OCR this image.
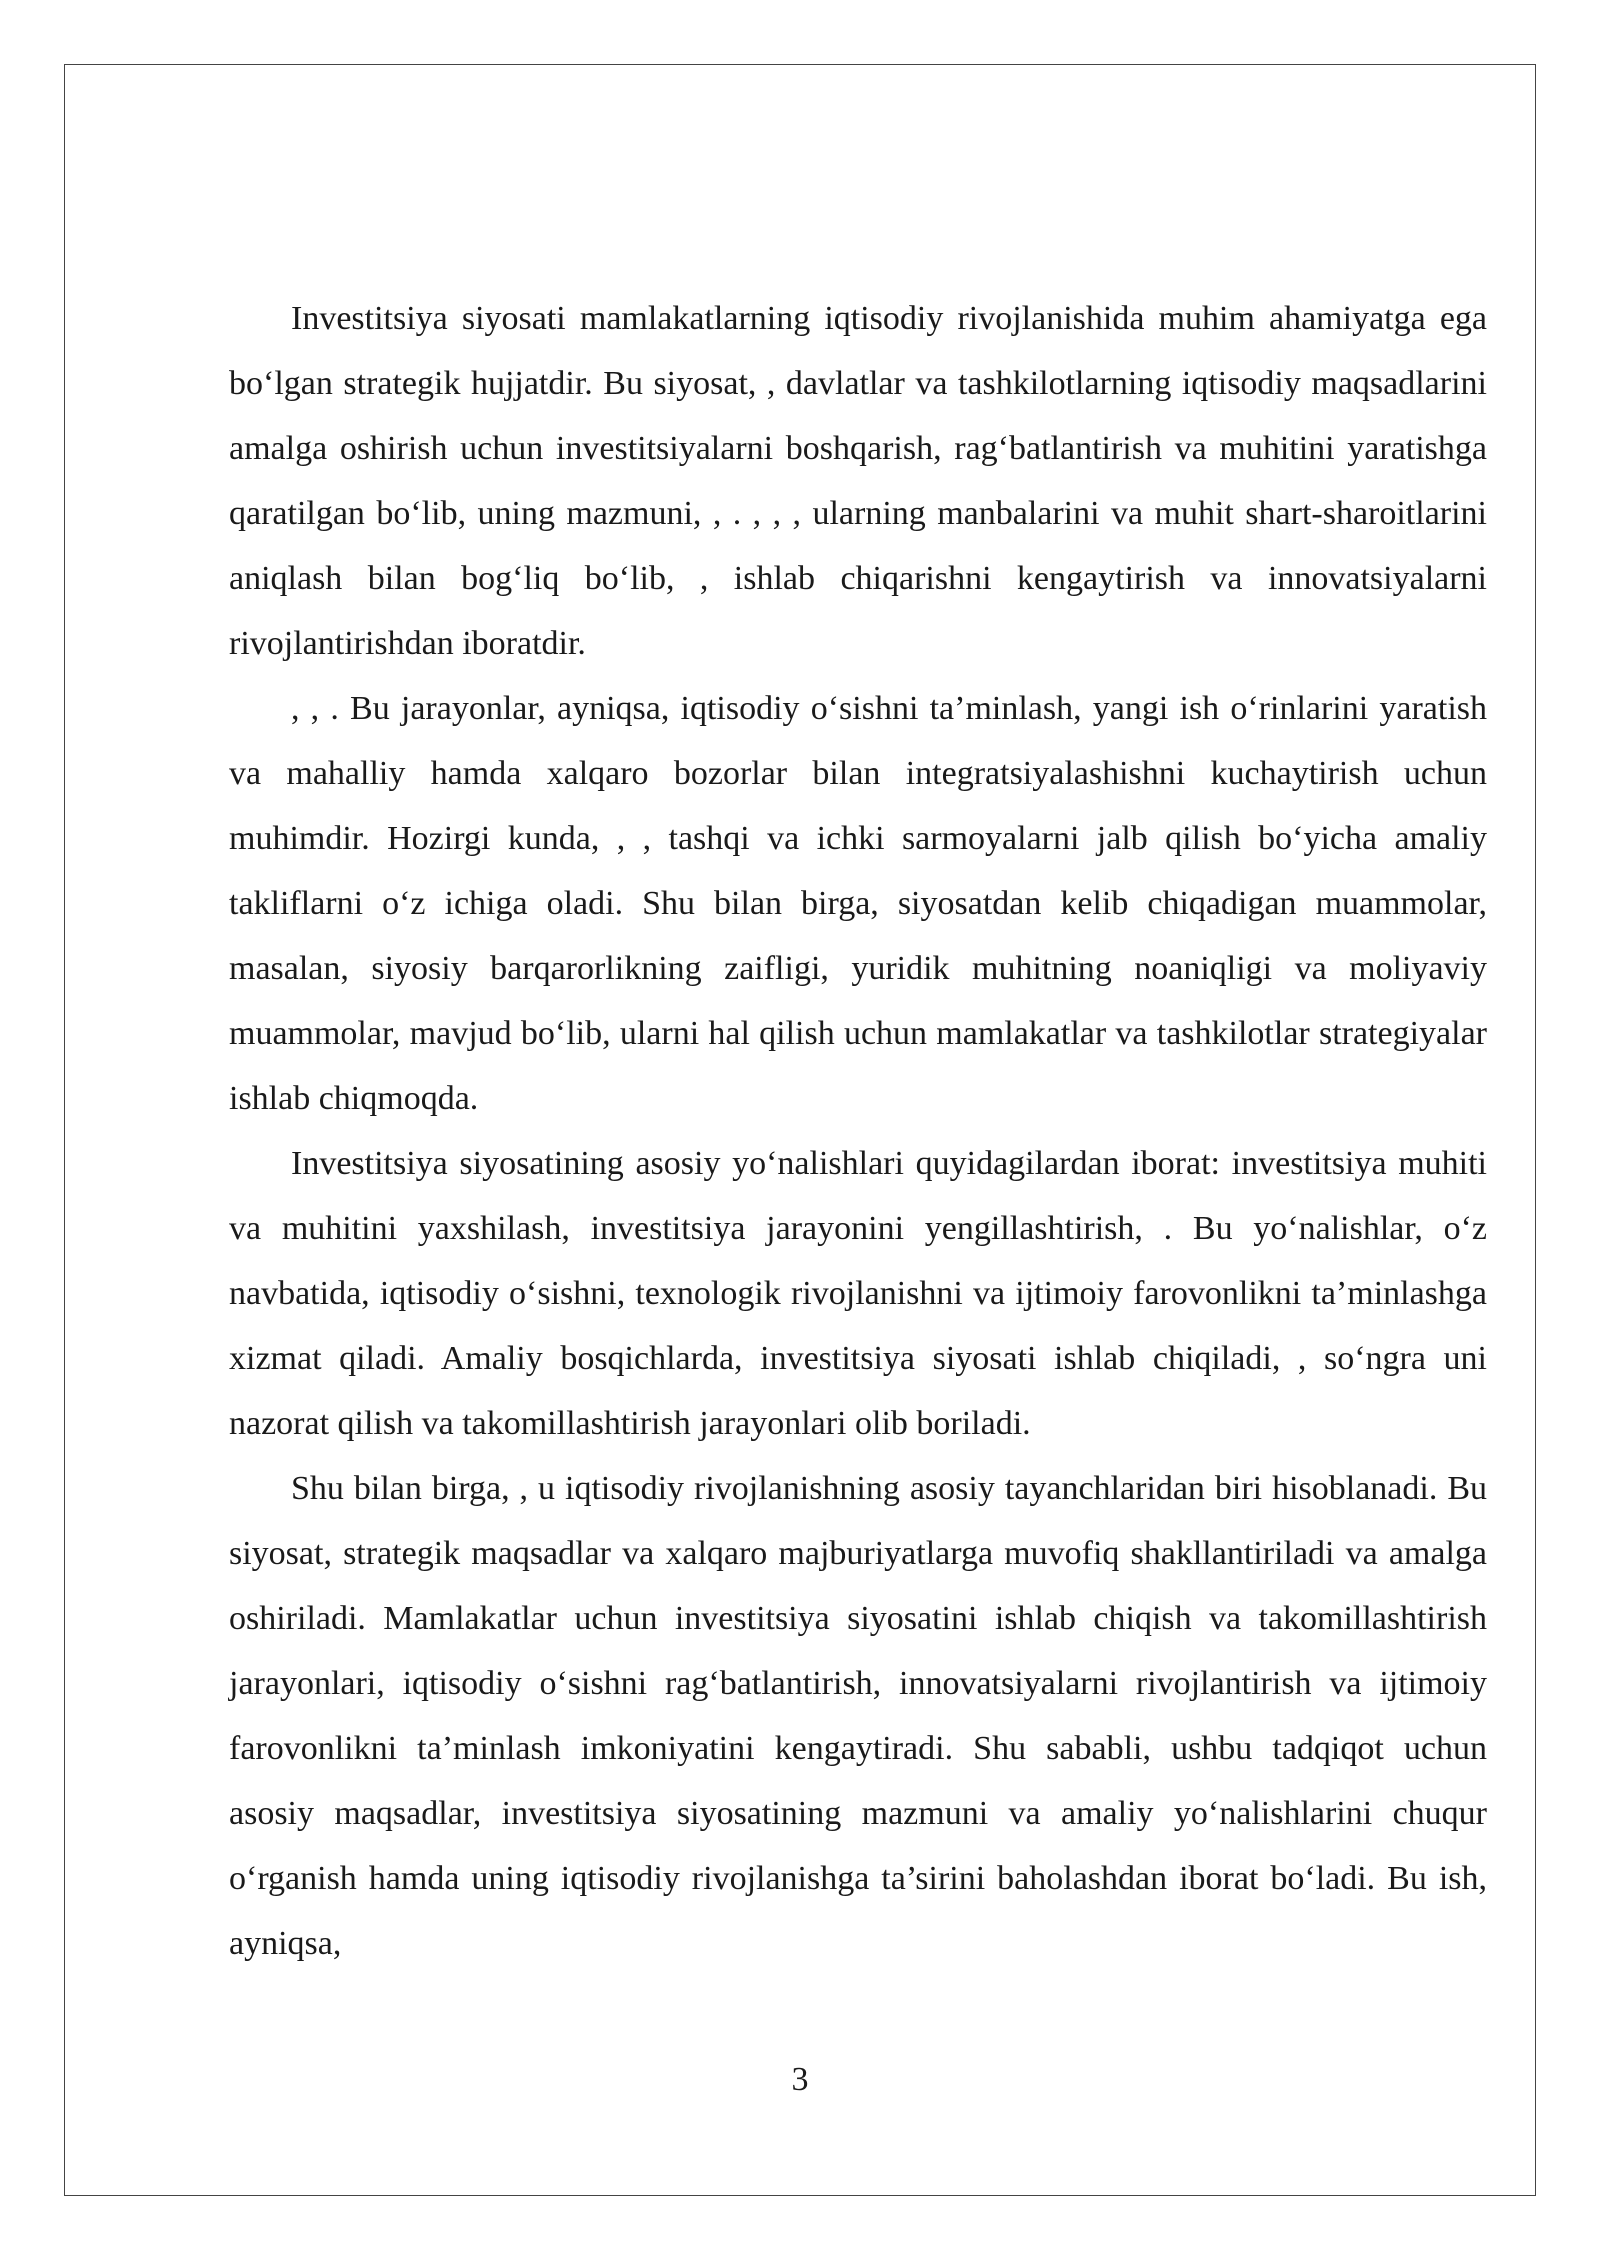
Investitsiya siyosati mamlakatlarning iqtisodiy rivojlanishida muhim ahamiyatga ega bo‘lgan strategik hujjatdir. Bu siyosat, , davlatlar va tashkilotlarning iqtisodiy maqsadlarini amalga oshirish uchun investitsiyalarni boshqarish, rag‘batlantirish va muhitini yaratishga qaratilgan bo‘lib, uning mazmuni, , . , , , ularning manbalarini va muhit shart-sharoitlarini aniqlash bilan bog‘liq bo‘lib, , ishlab chiqarishni kengaytirish va innovatsiyalarni rivojlantirishdan iboratdir.

, , . Bu jarayonlar, ayniqsa, iqtisodiy o‘sishni ta’minlash, yangi ish o‘rinlarini yaratish va mahalliy hamda xalqaro bozorlar bilan integratsiyalashishni kuchaytirish uchun muhimdir. Hozirgi kunda, , , tashqi va ichki sarmoyalarni jalb qilish bo‘yicha amaliy takliflarni o‘z ichiga oladi. Shu bilan birga, siyosatdan kelib chiqadigan muammolar, masalan, siyosiy barqarorlikning zaifligi, yuridik muhitning noaniqligi va moliyaviy muammolar, mavjud bo‘lib, ularni hal qilish uchun mamlakatlar va tashkilotlar strategiyalar ishlab chiqmoqda.

Investitsiya siyosatining asosiy yo‘nalishlari quyidagilardan iborat: investitsiya muhiti va muhitini yaxshilash, investitsiya jarayonini yengillashtirish, . Bu yo‘nalishlar, o‘z navbatida, iqtisodiy o‘sishni, texnologik rivojlanishni va ijtimoiy farovonlikni ta’minlashga xizmat qiladi. Amaliy bosqichlarda, investitsiya siyosati ishlab chiqiladi, , so‘ngra uni nazorat qilish va takomillashtirish jarayonlari olib boriladi.

Shu bilan birga, , u iqtisodiy rivojlanishning asosiy tayanchlaridan biri hisoblanadi. Bu siyosat, strategik maqsadlar va xalqaro majburiyatlarga muvofiq shakllantiriladi va amalga oshiriladi. Mamlakatlar uchun investitsiya siyosatini ishlab chiqish va takomillashtirish jarayonlari, iqtisodiy o‘sishni rag‘batlantirish, innovatsiyalarni rivojlantirish va ijtimoiy farovonlikni ta’minlash imkoniyatini kengaytiradi. Shu sababli, ushbu tadqiqot uchun asosiy maqsadlar, investitsiya siyosatining mazmuni va amaliy yo‘nalishlarini chuqur o‘rganish hamda uning iqtisodiy rivojlanishga ta’sirini baholashdan iborat bo‘ladi. Bu ish, ayniqsa,

3
